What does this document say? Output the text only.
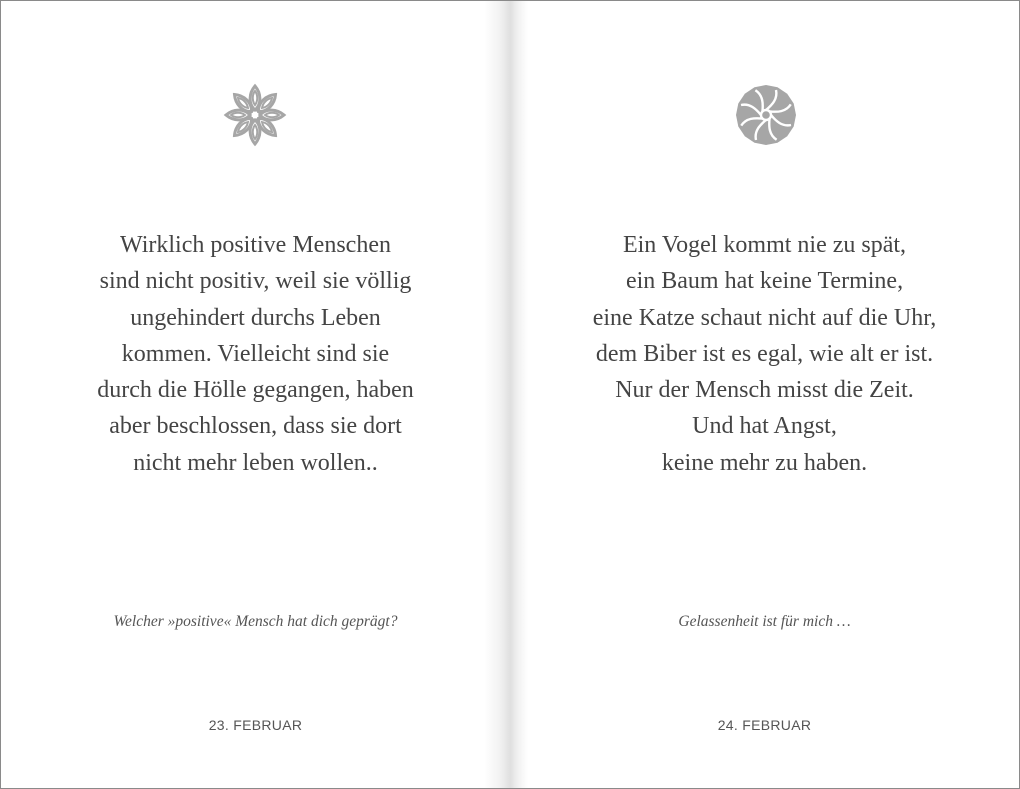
Wirklich positive Menschen
sind nicht positiv, weil sie völlig
ungehindert durchs Leben
kommen. Vielleicht sind sie
durch die Hölle gegangen, haben
aber beschlossen, dass sie dort
nicht mehr leben wollen..
Welcher »positive« Mensch hat dich geprägt?
23. FEBRUAR
Ein Vogel kommt nie zu spät,
ein Baum hat keine Termine,
eine Katze schaut nicht auf die Uhr,
dem Biber ist es egal, wie alt er ist.
Nur der Mensch misst die Zeit.
Und hat Angst,
keine mehr zu haben.
Gelassenheit ist für mich …
24. FEBRUAR
